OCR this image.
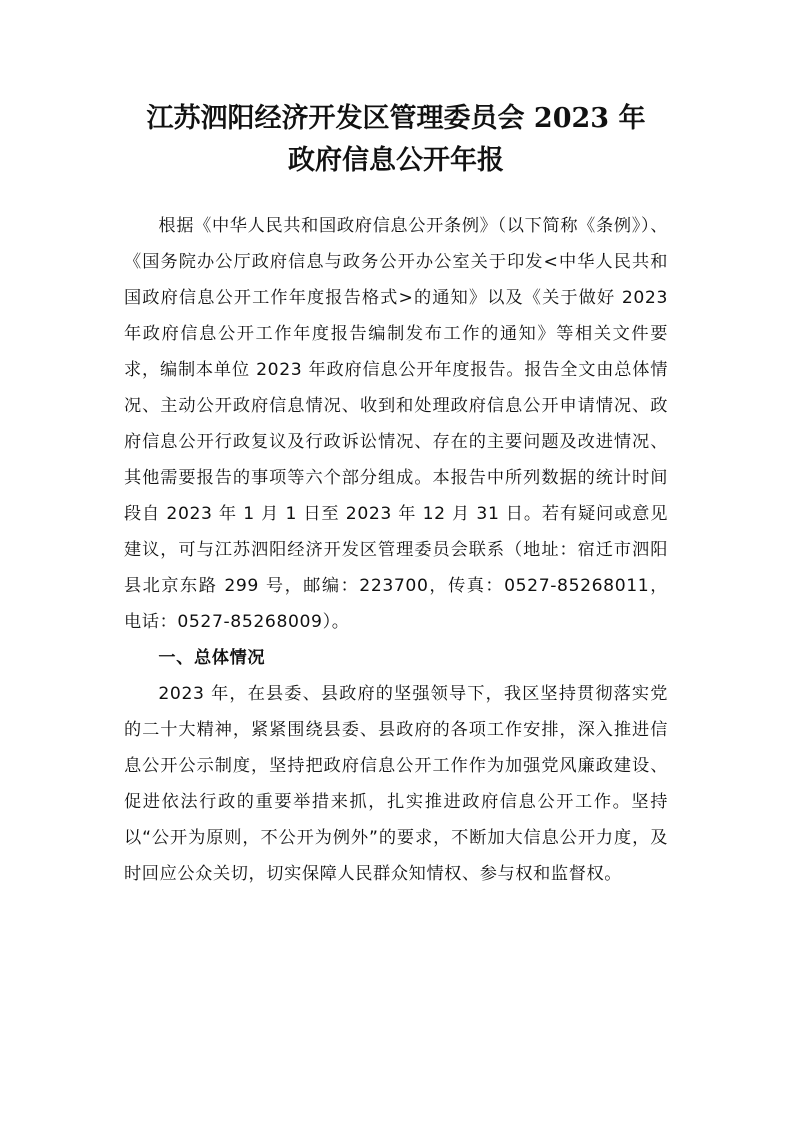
江苏泗阳经济开发区管理委员会 2023 年
政府信息公开年报

根据《中华人民共和国政府信息公开条例》（以下简称《条例》）、《国务院办公厅政府信息与政务公开办公室关于印发<中华人民共和国政府信息公开工作年度报告格式>的通知》以及《关于做好 2023 年政府信息公开工作年度报告编制发布工作的通知》等相关文件要求，编制本单位 2023 年政府信息公开年度报告。报告全文由总体情况、主动公开政府信息情况、收到和处理政府信息公开申请情况、政府信息公开行政复议及行政诉讼情况、存在的主要问题及改进情况、其他需要报告的事项等六个部分组成。本报告中所列数据的统计时间段自 2023 年 1 月 1 日至 2023 年 12 月 31 日。若有疑问或意见建议，可与江苏泗阳经济开发区管理委员会联系（地址：宿迁市泗阳县北京东路 299 号，邮编：223700，传真：0527-85268011，电话：0527-85268009）。

一、总体情况

2023 年，在县委、县政府的坚强领导下，我区坚持贯彻落实党的二十大精神，紧紧围绕县委、县政府的各项工作安排，深入推进信息公开公示制度，坚持把政府信息公开工作作为加强党风廉政建设、促进依法行政的重要举措来抓，扎实推进政府信息公开工作。坚持以“公开为原则，不公开为例外”的要求，不断加大信息公开力度，及时回应公众关切，切实保障人民群众知情权、参与权和监督权。
